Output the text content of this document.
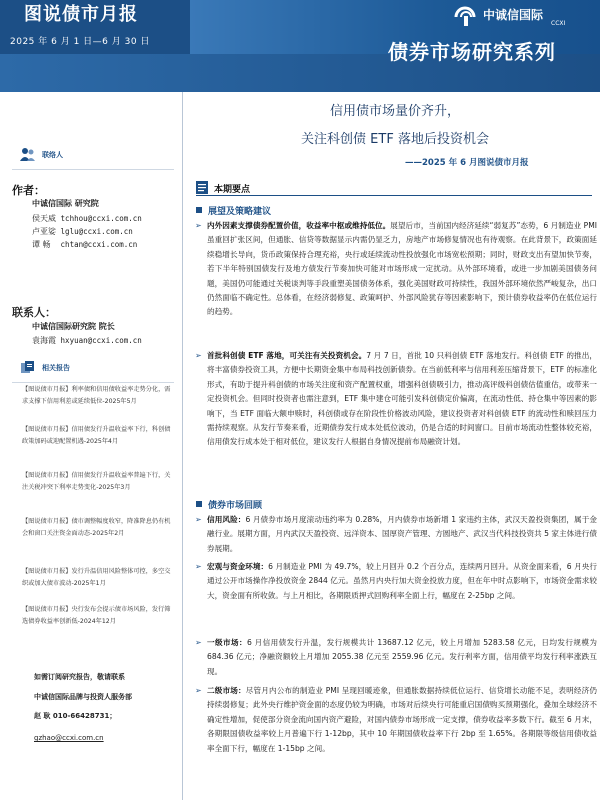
图说债市月报
2025 年 6 月 1 日—6 月 30 日
中诚信国际
CCXI
债券市场研究系列
联络人
作者：
中诚信国际 研究院
侯天威 tchhou@ccxi.com.cn
卢亚娑 lglu@ccxi.com.cn
谭 畅 chtan@ccxi.com.cn
联系人：
中诚信国际研究院 院长
袁海霞 hxyuan@ccxi.com.cn
相关报告
【图说债市月报】利率债和信用债收益率走势分化，需求支撑下信用利差或延续低位-2025年5月
【图说债市月报】信用债发行升温收益率下行，科创债政策加码或迎配置机遇-2025年4月
【图说债市月报】信用债发行升温收益率普遍下行，关注关税冲突下利率走势变化-2025年3月
【图说债市月报】债市调整幅度收窄，降准降息仍有机会和窗口关注资金面动态-2025年2月
【图说债市月报】发行升温信用风险整体可控，多空交织或加大债市波动-2025年1月
【图说债市月报】央行发布会提示债市场风险，发行筛选债券收益率创新低-2024年12月
如需订阅研究报告，敬请联系
中诚信国际品牌与投资人服务部
赵 耿 010-66428731；
gzhao@ccxi.com.cn
信用债市场量价齐升，
关注科创债 ETF 落地后投资机会
——2025 年 6 月图说债市月报
本期要点
展望及策略建议
➢ 内外因素支撑债券配置价值，收益率中枢或维持低位。展望后市，当前国内经济延续“弱复苏”态势，6 月制造业 PMI 虽重回扩张区间，但通胀、信贷等数据显示内需仍显乏力，房地产市场修复情况也有待观察。在此背景下，政策面延续稳增长导向，货币政策保持合理充裕，央行或延续流动性投放强化市场宽松预期；同时，财政支出有望加快节奏，若下半年特别国债发行及地方债发行节奏加快可能对市场形成一定扰动。从外部环境看，或进一步加剧美国债务问题，美国仍可能通过关税谈判等手段重塑美国债务体系，强化美国财政可持续性，我国外部环境依然严峻复杂，出口仍然面临不确定性。总体看，在经济弱修复、政策呵护、外部风险犹存等因素影响下，预计债券收益率仍在低位运行的趋势。
➢ 首批科创债 ETF 落地，可关注有关投资机会。7 月 7 日，首批 10 只科创债 ETF 落地发行。科创债 ETF 的推出，将丰富债券投资工具，方便中长期资金集中布局科技创新债券。在当前低利率与信用利差压缩背景下，ETF 的标准化形式，有助于提升科创债的市场关注度和资产配置权重，增强科创债吸引力，推动高评级科创债估值重估，或带来一定投资机会。但同时投资者也需注意到，ETF 集中建仓可能引发科创债定价偏离，在流动性低、持仓集中等因素的影响下，当 ETF 面临大额申赎时，科创债或存在阶段性价格波动风险，建议投资者对科创债 ETF 的流动性和赎回压力需持续观察。从发行节奏来看，近期债券发行成本处低位波动，仍是合适的时间窗口。目前市场流动性整体较充裕，信用债发行成本处于相对低位，建议发行人根据自身情况提前布局融资计划。
债券市场回顾
➢ 信用风险：6 月债券市场月度滚动违约率为 0.28%，月内债券市场新增 1 家违约主体，武汉天盈投资集团，属于金融行业。展期方面，月内武汉天盈投资、远洋资本、国厚资产管理、方圆地产、武汉当代科技投资共 5 家主体进行债券展期。
➢ 宏观与资金环境：6 月制造业 PMI 为 49.7%，较上月回升 0.2 个百分点，连续两月回升。从资金面来看，6 月央行通过公开市场操作净投放资金 2844 亿元。虽然月内央行加大资金投放力度，但在年中时点影响下，市场资金需求较大，资金面有所收敛。与上月相比，各期限质押式回购利率全面上行，幅度在 2-25bp 之间。
➢ 一级市场：6 月信用债发行升温，发行规模共计 13687.12 亿元，较上月增加 5283.58 亿元，日均发行规模为 684.36 亿元；净融资额较上月增加 2055.38 亿元至 2559.96 亿元。发行利率方面，信用债平均发行利率涨跌互现。
➢ 二级市场：尽管月内公布的制造业 PMI 呈现回暖迹象，但通胀数据持续低位运行、信贷增长动能不足，表明经济仍持续弱修复；此外央行维护资金面的态度仍较为明确，市场对后续央行可能重启国债购买预期强化，叠加全球经济不确定性增加，促使部分资金流向国内资产避险，对国内债券市场形成一定支撑，债券收益率多数下行。截至 6 月末，各期限国债收益率较上月普遍下行 1-12bp，其中 10 年期国债收益率下行 2bp 至 1.65%。各期限等级信用债收益率全面下行，幅度在 1-15bp 之间。
